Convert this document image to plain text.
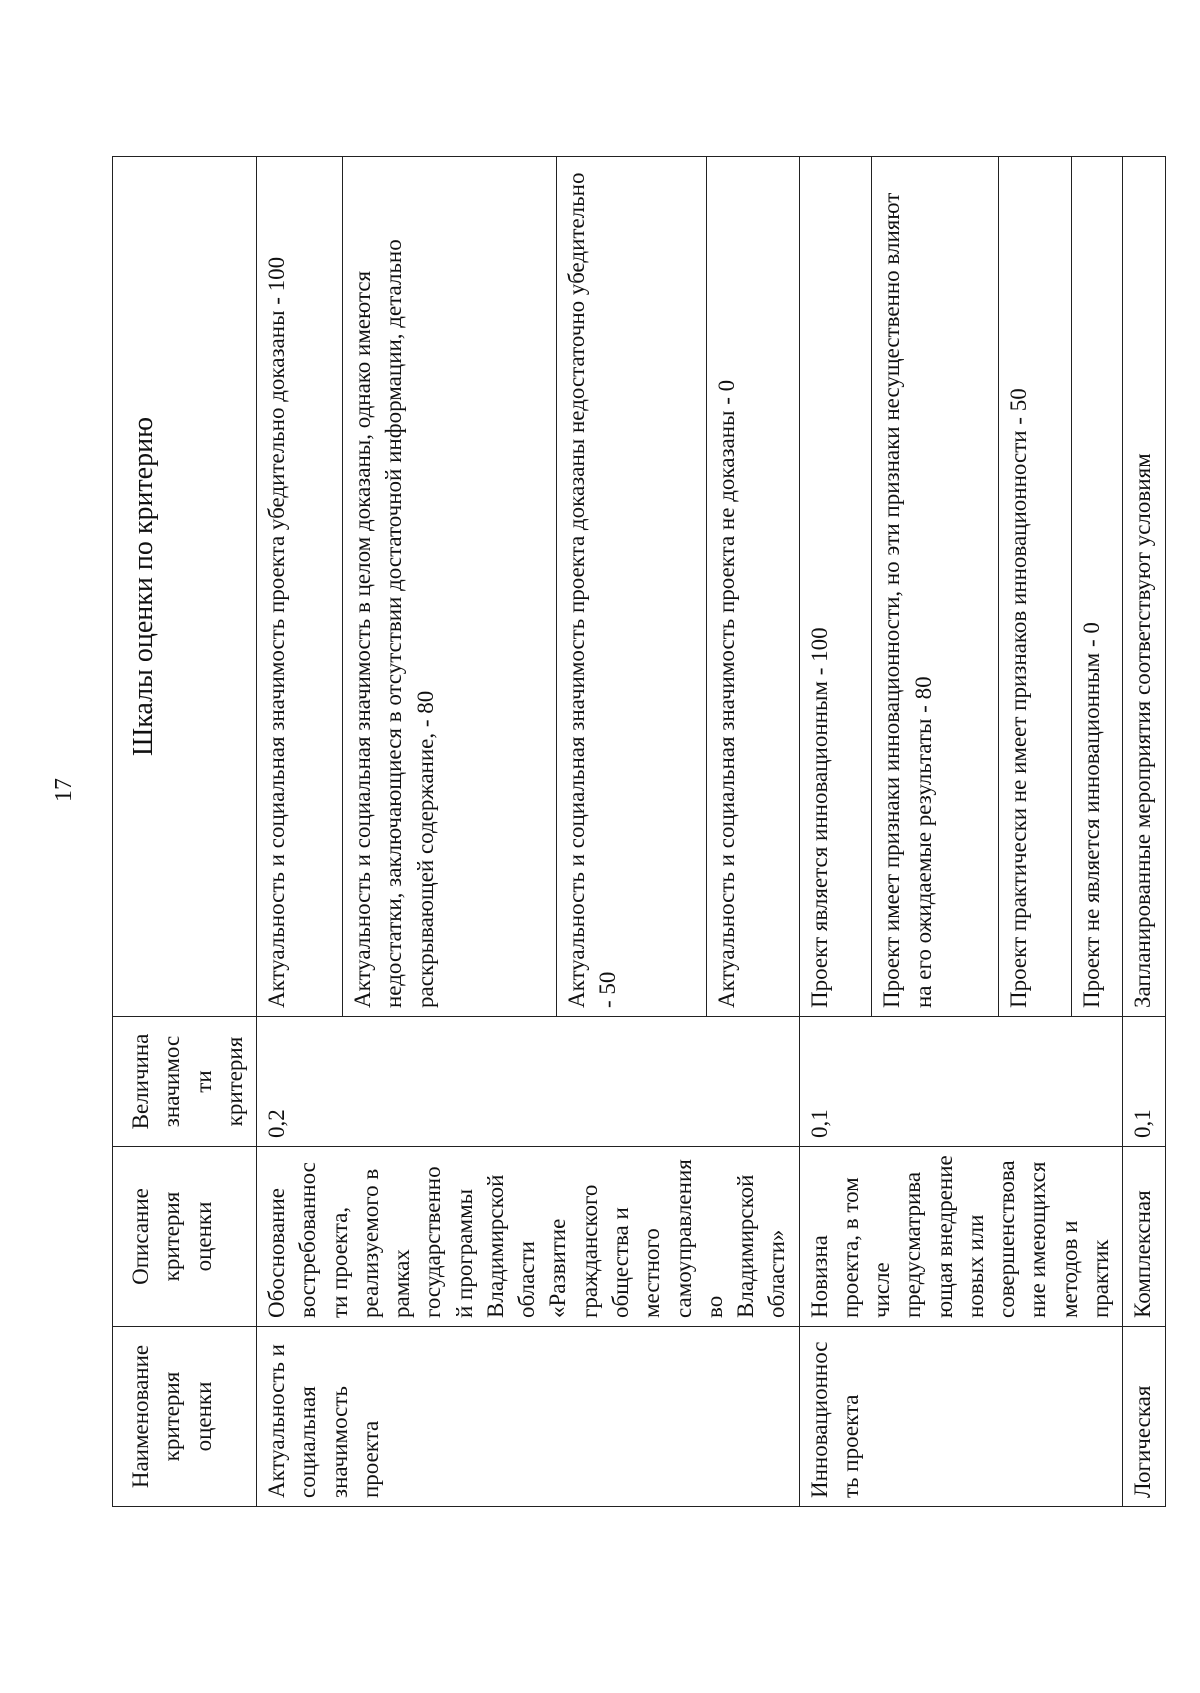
17
Наименование критерия оценки	Описание критерия оценки	Величина значимос ти критерия	Шкалы оценки по критерию
Актуальность и социальная значимость проекта	Обоснование востребованности проекта, реализуемого в рамках государственной программы Владимирской области «Развитие гражданского общества и местного самоуправления во Владимирской области»	0,2	Актуальность и социальная значимость проекта убедительно доказаны - 100
			Актуальность и социальная значимость в целом доказаны, однако имеются недостатки, заключающиеся в отсутствии достаточной информации, детально раскрывающей содержание, - 80
			Актуальность и социальная значимость проекта доказаны недостаточно убедительно - 50
			Актуальность и социальная значимость проекта не доказаны - 0
Инновационность проекта	Новизна проекта, в том числе предусматривающая внедрение новых или совершенствование имеющихся методов и практик	0,1	Проект является инновационным - 100
			Проект имеет признаки инновационности, но эти признаки несущественно влияют на его ожидаемые результаты - 80
			Проект практически не имеет признаков инновационности - 50
			Проект не является инновационным - 0
Логическая	Комплексная	0,1	Запланированные мероприятия соответствуют условиям
